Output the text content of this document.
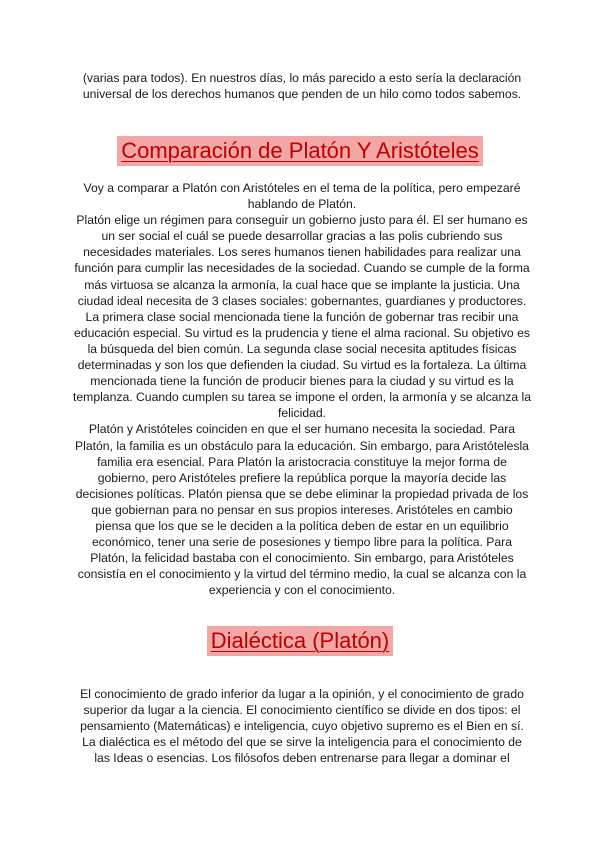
(varias para todos). En nuestros días, lo más parecido a esto sería la declaración
universal de los derechos humanos que penden de un hilo como todos sabemos.
Comparación de Platón Y Aristóteles
Voy a comparar a Platón con Aristóteles en el tema de la política, pero empezaré
hablando de Platón.
Platón elige un régimen para conseguir un gobierno justo para él. El ser humano es
un ser social el cuál se puede desarrollar gracias a las polis cubriendo sus
necesidades materiales. Los seres humanos tienen habilidades para realizar una
función para cumplir las necesidades de la sociedad. Cuando se cumple de la forma
más virtuosa se alcanza la armonía, la cual hace que se implante la justicia. Una
ciudad ideal necesita de 3 clases sociales: gobernantes, guardianes y productores.
La primera clase social mencionada tiene la función de gobernar tras recibir una
educación especial. Su virtud es la prudencia y tiene el alma racional. Su objetivo es
la búsqueda del bien común. La segunda clase social necesita aptitudes físicas
determinadas y son los que defienden la ciudad. Su virtud es la fortaleza. La última
mencionada tiene la función de producir bienes para la ciudad y su virtud es la
templanza. Cuando cumplen su tarea se impone el orden, la armonía y se alcanza la
felicidad.
Platón y Aristóteles coinciden en que el ser humano necesita la sociedad. Para
Platón, la familia es un obstáculo para la educación. Sin embargo, para Aristótelesla
familia era esencial. Para Platón la aristocracia constituye la mejor forma de
gobierno, pero Aristóteles prefiere la república porque la mayoría decide las
decisiones políticas. Platón piensa que se debe eliminar la propiedad privada de los
que gobiernan para no pensar en sus propios intereses. Aristóteles en cambio
piensa que los que se le deciden a la política deben de estar en un equilibrio
económico, tener una serie de posesiones y tiempo libre para la política. Para
Platón, la felicidad bastaba con el conocimiento. Sin embargo, para Aristóteles
consistía en el conocimiento y la virtud del término medio, la cual se alcanza con la
experiencia y con el conocimiento.
Dialéctica (Platón)
El conocimiento de grado inferior da lugar a la opinión, y el conocimiento de grado
superior da lugar a la ciencia. El conocimiento científico se divide en dos tipos: el
pensamiento (Matemáticas) e inteligencia, cuyo objetivo supremo es el Bien en sí.
La dialéctica es el método del que se sirve la inteligencia para el conocimiento de
las Ideas o esencias. Los filósofos deben entrenarse para llegar a dominar el
